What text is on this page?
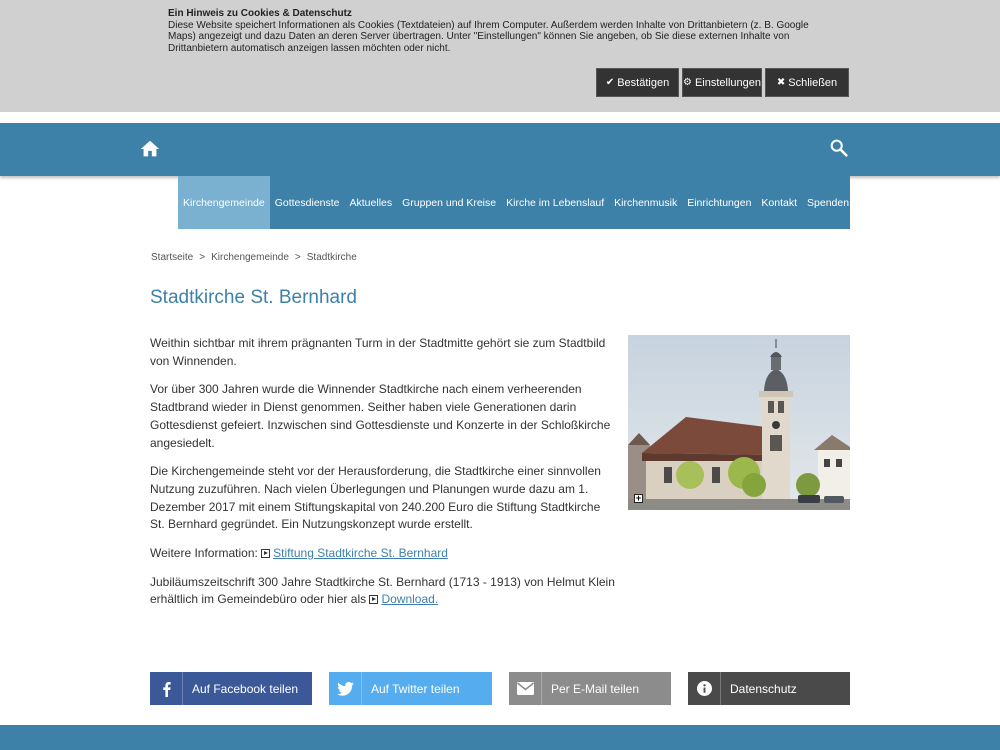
Ein Hinweis zu Cookies & Datenschutz
Diese Website speichert Informationen als Cookies (Textdateien) auf Ihrem Computer. Außerdem werden Inhalte von Drittanbietern (z. B. Google Maps) angezeigt und dazu Daten an deren Server übertragen. Unter "Einstellungen" können Sie angeben, ob Sie diese externen Inhalte von Drittanbietern automatisch anzeigen lassen möchten oder nicht.
✔ Bestätigen ⚙ Einstellungen ✖ Schließen
Kirchengemeinde Gottesdienste Aktuelles Gruppen und Kreise Kirche im Lebenslauf Kirchenmusik Einrichtungen Kontakt Spenden
Startseite > Kirchengemeinde > Stadtkirche
Stadtkirche St. Bernhard

Weithin sichtbar mit ihrem prägnanten Turm in der Stadtmitte gehört sie zum Stadtbild von Winnenden.

Vor über 300 Jahren wurde die Winnender Stadtkirche nach einem verheerenden Stadtbrand wieder in Dienst genommen. Seither haben viele Generationen darin Gottesdienst gefeiert. Inzwischen sind Gottesdienste und Konzerte in der Schloßkirche angesiedelt.

Die Kirchengemeinde steht vor der Herausforderung, die Stadtkirche einer sinnvollen Nutzung zuzuführen. Nach vielen Überlegungen und Planungen wurde dazu am 1. Dezember 2017 mit einem Stiftungskapital von 240.200 Euro die Stiftung Stadtkirche St. Bernhard gegründet. Ein Nutzungskonzept wurde erstellt.

Weitere Information: Stiftung Stadtkirche St. Bernhard

Jubiläumszeitschrift 300 Jahre Stadtkirche St. Bernhard (1713 - 1913) von Helmut Klein erhältlich im Gemeindebüro oder hier als Download.

+
Auf Facebook teilen	Auf Twitter teilen	Per E-Mail teilen	Datenschutz
